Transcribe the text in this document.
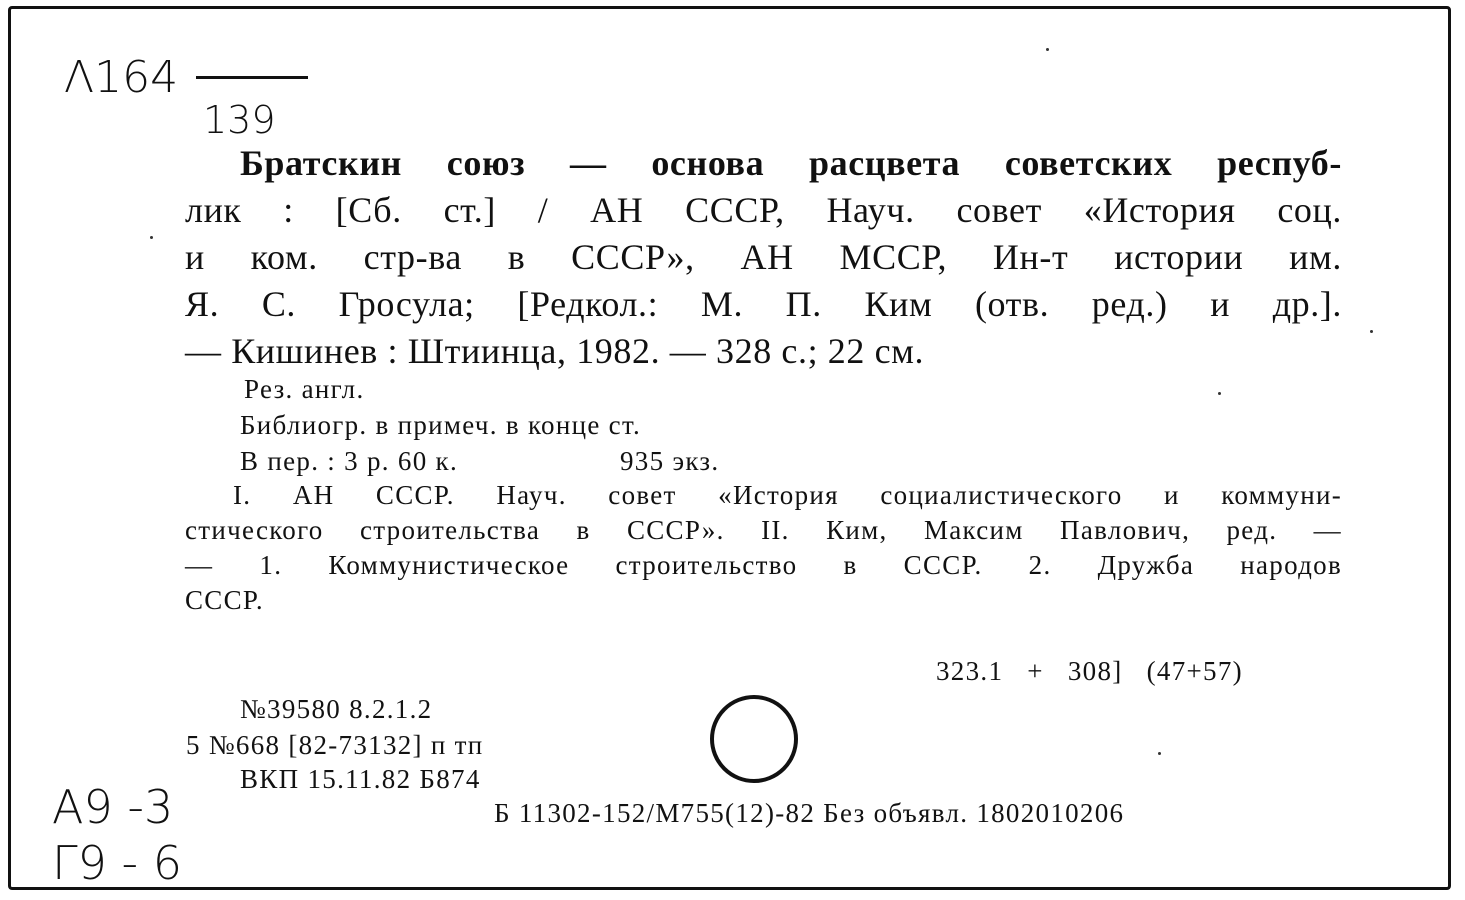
Λ164
139
Братскин союз — основа расцвета советских респуб-
лик : [Сб. ст.] / АН СССР, Науч. совет «История соц.
и ком. стр-ва в СССР», АН МССР, Ин-т истории им.
Я. С. Гросула; [Редкол.: М. П. Ким (отв. ред.) и др.].
— Кишинев : Штиинца, 1982. — 328 с.; 22 см.
Рез. англ.
Библиогр. в примеч. в конце ст.
В пер. : 3 р. 60 к.	935 экз.
I. АН СССР. Науч. совет «История социалистического и коммуни-
стического строительства в СССР». II. Ким, Максим Павлович, ред. —
— 1. Коммунистическое строительство в СССР. 2. Дружба народов
СССР.
323.1 + 308] (47+57)
№39580 8.2.1.2
5 №668 [82-73132] п тп
ВКП 15.11.82 Б874
A9 -3
Г9 - 6
Б 11302-152/М755(12)-82 Без объявл. 1802010206
